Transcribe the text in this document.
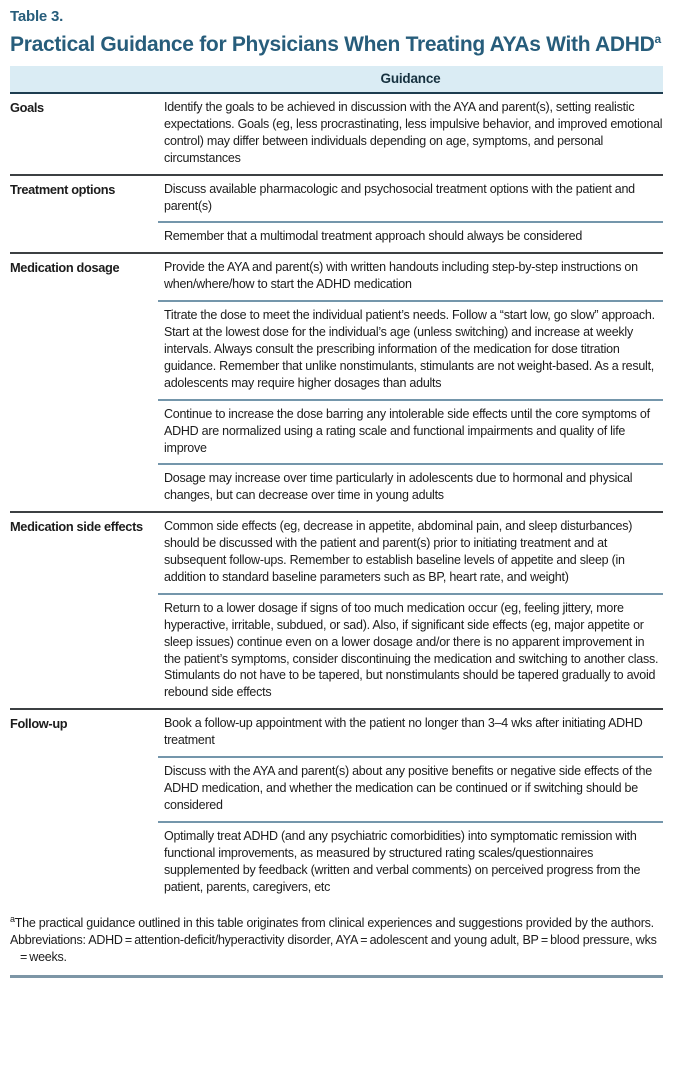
Table 3.
Practical Guidance for Physicians When Treating AYAs With ADHD$^a$
Guidance
Goals	Identify the goals to be achieved in discussion with the AYA and parent(s), setting realistic expectations. Goals (eg, less procrastinating, less impulsive behavior, and improved emotional control) may differ between individuals depending on age, symptoms, and personal circumstances
Treatment options	Discuss available pharmacologic and psychosocial treatment options with the patient and parent(s)
Remember that a multimodal treatment approach should always be considered
Medication dosage	Provide the AYA and parent(s) with written handouts including step-by-step instructions on when/where/how to start the ADHD medication
Titrate the dose to meet the individual patient’s needs. Follow a “start low, go slow” approach. Start at the lowest dose for the individual’s age (unless switching) and increase at weekly intervals. Always consult the prescribing information of the medication for dose titration guidance. Remember that unlike nonstimulants, stimulants are not weight-based. As a result, adolescents may require higher dosages than adults
Continue to increase the dose barring any intolerable side effects until the core symptoms of ADHD are normalized using a rating scale and functional impairments and quality of life improve
Dosage may increase over time particularly in adolescents due to hormonal and physical changes, but can decrease over time in young adults
Medication side effects	Common side effects (eg, decrease in appetite, abdominal pain, and sleep disturbances) should be discussed with the patient and parent(s) prior to initiating treatment and at subsequent follow-ups. Remember to establish baseline levels of appetite and sleep (in addition to standard baseline parameters such as BP, heart rate, and weight)
Return to a lower dosage if signs of too much medication occur (eg, feeling jittery, more hyperactive, irritable, subdued, or sad). Also, if significant side effects (eg, major appetite or sleep issues) continue even on a lower dosage and/or there is no apparent improvement in the patient’s symptoms, consider discontinuing the medication and switching to another class. Stimulants do not have to be tapered, but nonstimulants should be tapered gradually to avoid rebound side effects
Follow-up	Book a follow-up appointment with the patient no longer than 3–4 wks after initiating ADHD treatment
Discuss with the AYA and parent(s) about any positive benefits or negative side effects of the ADHD medication, and whether the medication can be continued or if switching should be considered
Optimally treat ADHD (and any psychiatric comorbidities) into symptomatic remission with functional improvements, as measured by structured rating scales/questionnaires supplemented by feedback (written and verbal comments) on perceived progress from the patient, parents, caregivers, etc

$^a$The practical guidance outlined in this table originates from clinical experiences and suggestions provided by the authors.

Abbreviations: ADHD = attention-deficit/hyperactivity disorder, AYA = adolescent and young adult, BP = blood pressure, wks = weeks.
